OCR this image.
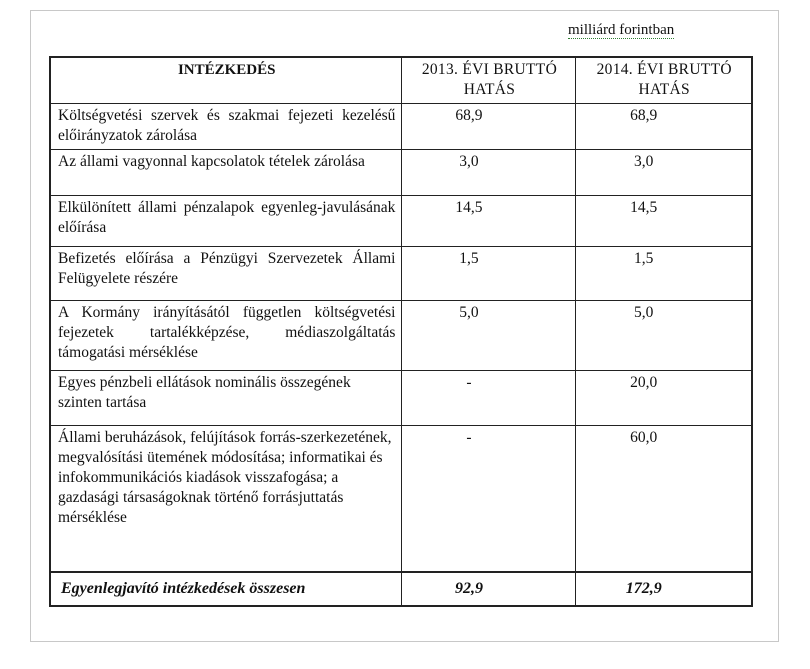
milliárd forintban
INTÉZKEDÉS	2013. ÉVI BRUTTÓ HATÁS	2014. ÉVI BRUTTÓ HATÁS
Költségvetési szervek és szakmai fejezeti kezelésű előirányzatok zárolása	68,9	68,9
Az állami vagyonnal kapcsolatok tételek zárolása	3,0	3,0
Elkülönített állami pénzalapok egyenleg-javulásának előírása	14,5	14,5
Befizetés előírása a Pénzügyi Szervezetek Állami Felügyelete részére	1,5	1,5
A Kormány irányításától független költségvetési fejezetek tartalékképzése, médiaszolgáltatás támogatási mérséklése	5,0	5,0
Egyes pénzbeli ellátások nominális összegének szinten tartása	-	20,0
Állami beruházások, felújítások forrás-szerkezetének, megvalósítási ütemének módosítása; informatikai és infokommunikációs kiadások visszafogása; a gazdasági társaságoknak történő forrásjuttatás mérséklése	-	60,0
Egyenlegjavító intézkedések összesen	92,9	172,9
